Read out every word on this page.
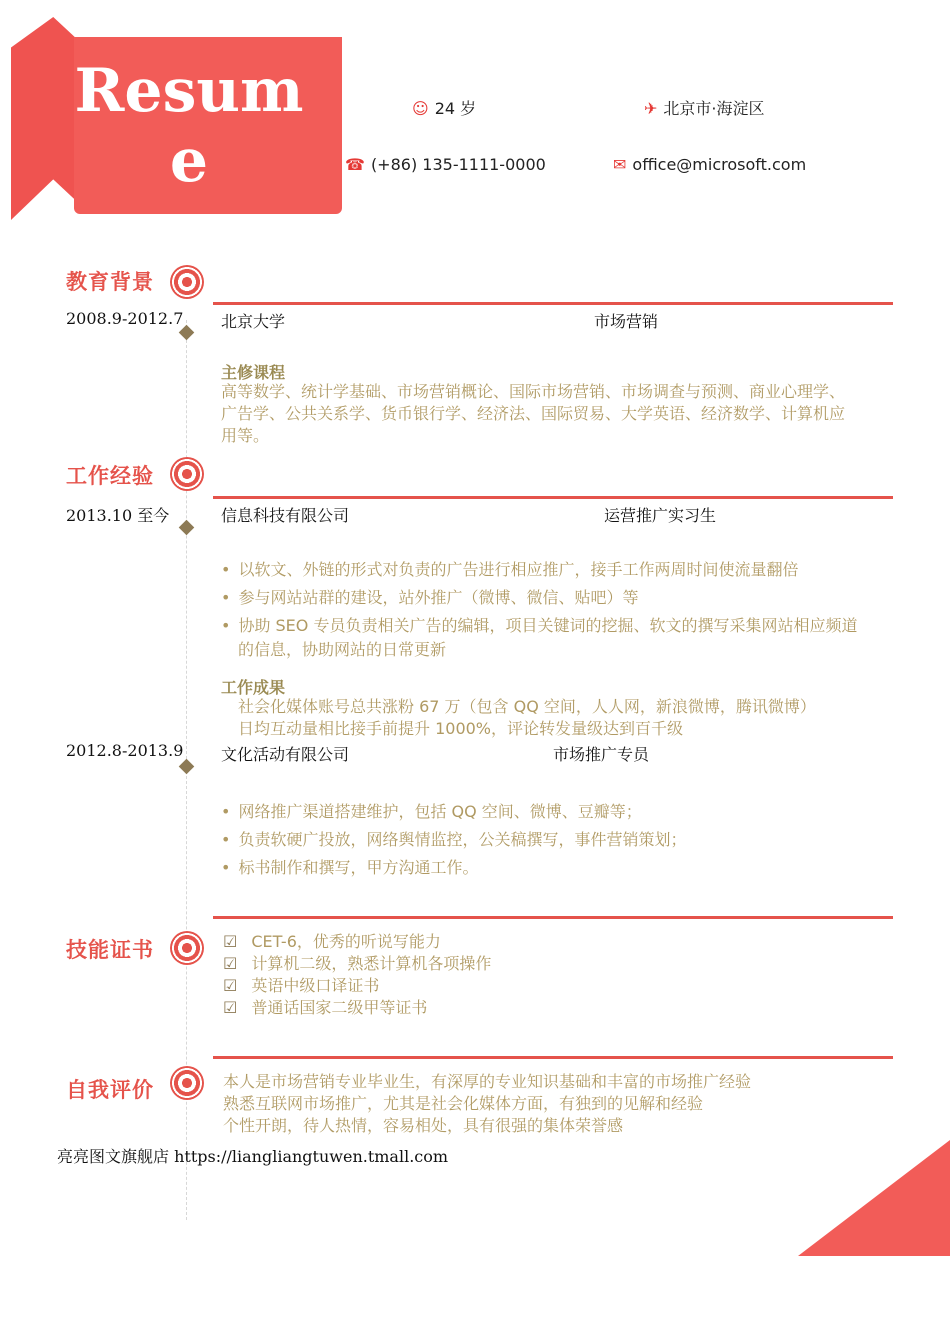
Resume
☺ 24 岁	✈ 北京市·海淀区
☎ (+86) 135-1111-0000	✉ office@microsoft.com
教育背景
2008.9-2012.7 北京大学	市场营销
主修课程
高等数学、统计学基础、市场营销概论、国际市场营销、市场调查与预测、商业心理学、
广告学、公共关系学、货币银行学、经济法、国际贸易、大学英语、经济数学、计算机应
用等。
工作经验
2013.10 至今	信息科技有限公司	运营推广实习生
• 以软文、外链的形式对负责的广告进行相应推广，接手工作两周时间使流量翻倍
• 参与网站站群的建设，站外推广（微博、微信、贴吧）等
• 协助 SEO 专员负责相关广告的编辑，项目关键词的挖掘、软文的撰写采集网站相应频道
的信息，协助网站的日常更新
工作成果
社会化媒体账号总共涨粉 67 万（包含 QQ 空间，人人网，新浪微博，腾讯微博）
日均互动量相比接手前提升 1000%，评论转发量级达到百千级
2012.8-2013.9 文化活动有限公司	市场推广专员
• 网络推广渠道搭建维护，包括 QQ 空间、微博、豆瓣等；
• 负责软硬广投放，网络舆情监控，公关稿撰写，事件营销策划；
• 标书制作和撰写，甲方沟通工作。
技能证书	☑ CET-6，优秀的听说写能力
☑ 计算机二级，熟悉计算机各项操作
☑ 英语中级口译证书
☑ 普通话国家二级甲等证书
自我评价	本人是市场营销专业毕业生，有深厚的专业知识基础和丰富的市场推广经验
熟悉互联网市场推广，尤其是社会化媒体方面，有独到的见解和经验
个性开朗，待人热情，容易相处，具有很强的集体荣誉感
亮亮图文旗舰店 https://liangliangtuwen.tmall.com
